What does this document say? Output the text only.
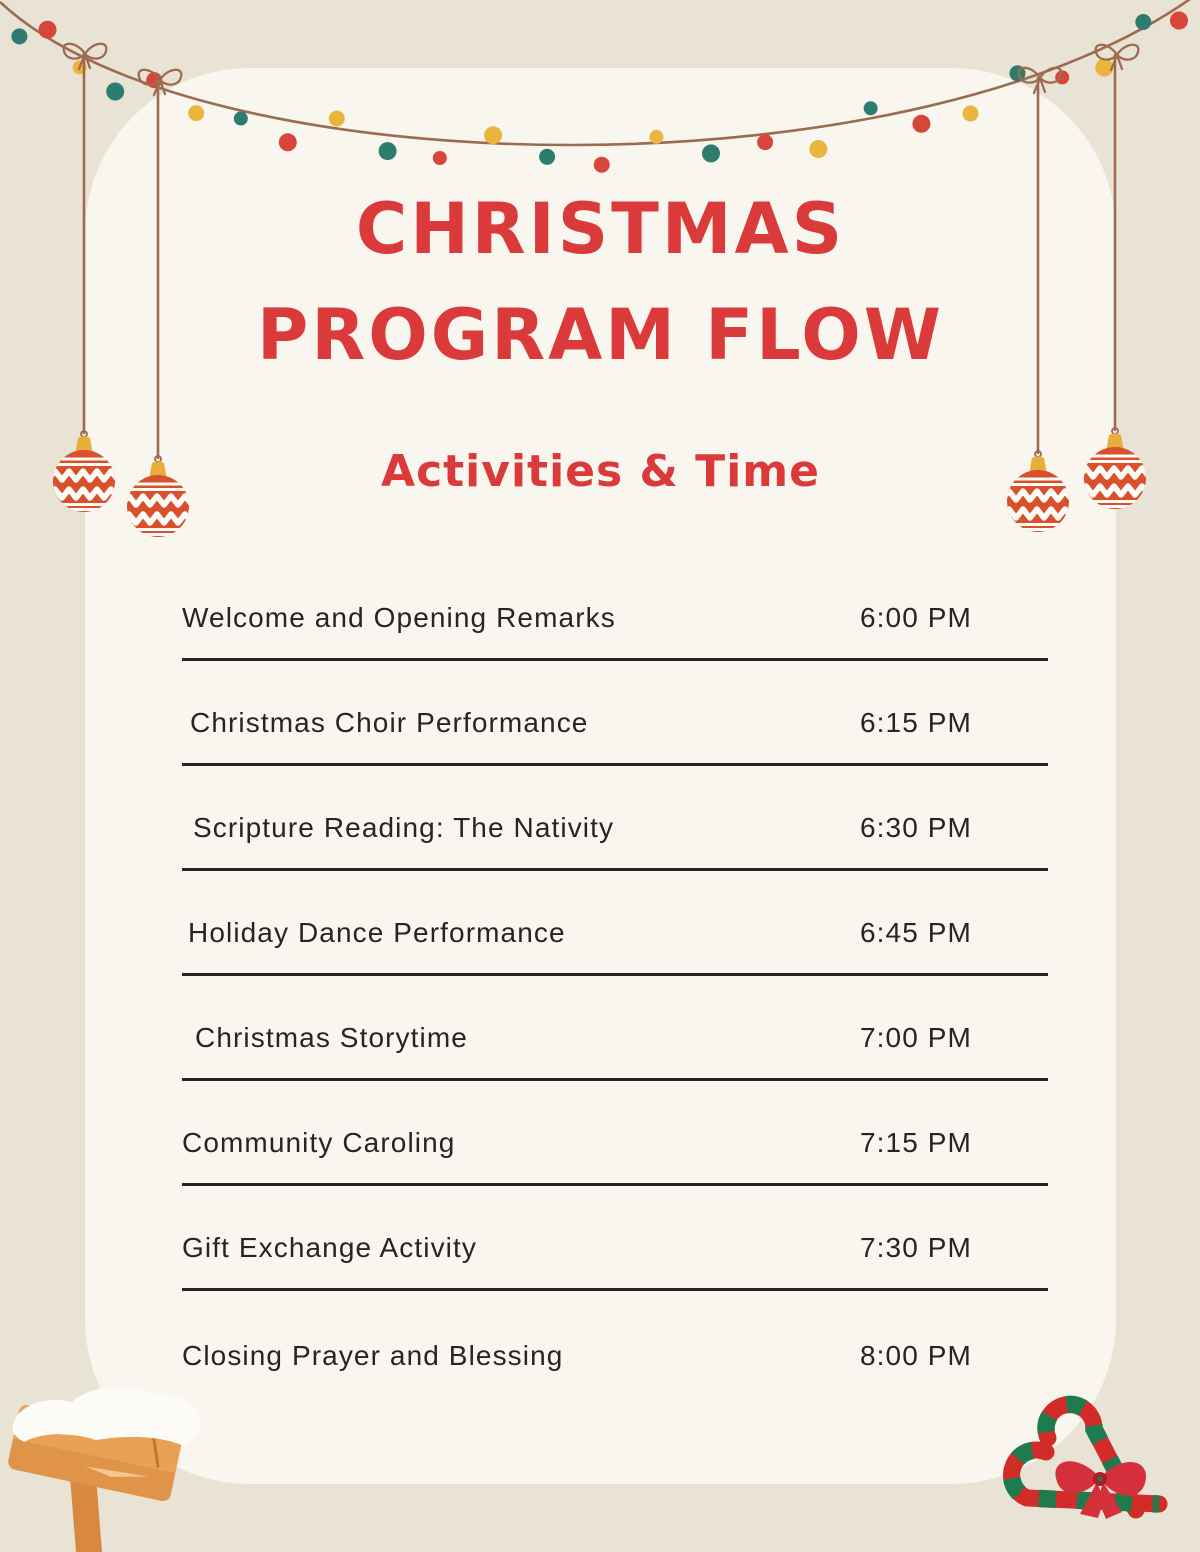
CHRISTMAS
PROGRAM FLOW
Activities & Time
Welcome and Opening Remarks	6:00 PM
Christmas Choir Performance	6:15 PM
Scripture Reading: The Nativity	6:30 PM
Holiday Dance Performance	6:45 PM
Christmas Storytime	7:00 PM
Community Caroling	7:15 PM
Gift Exchange Activity	7:30 PM
Closing Prayer and Blessing	8:00 PM
